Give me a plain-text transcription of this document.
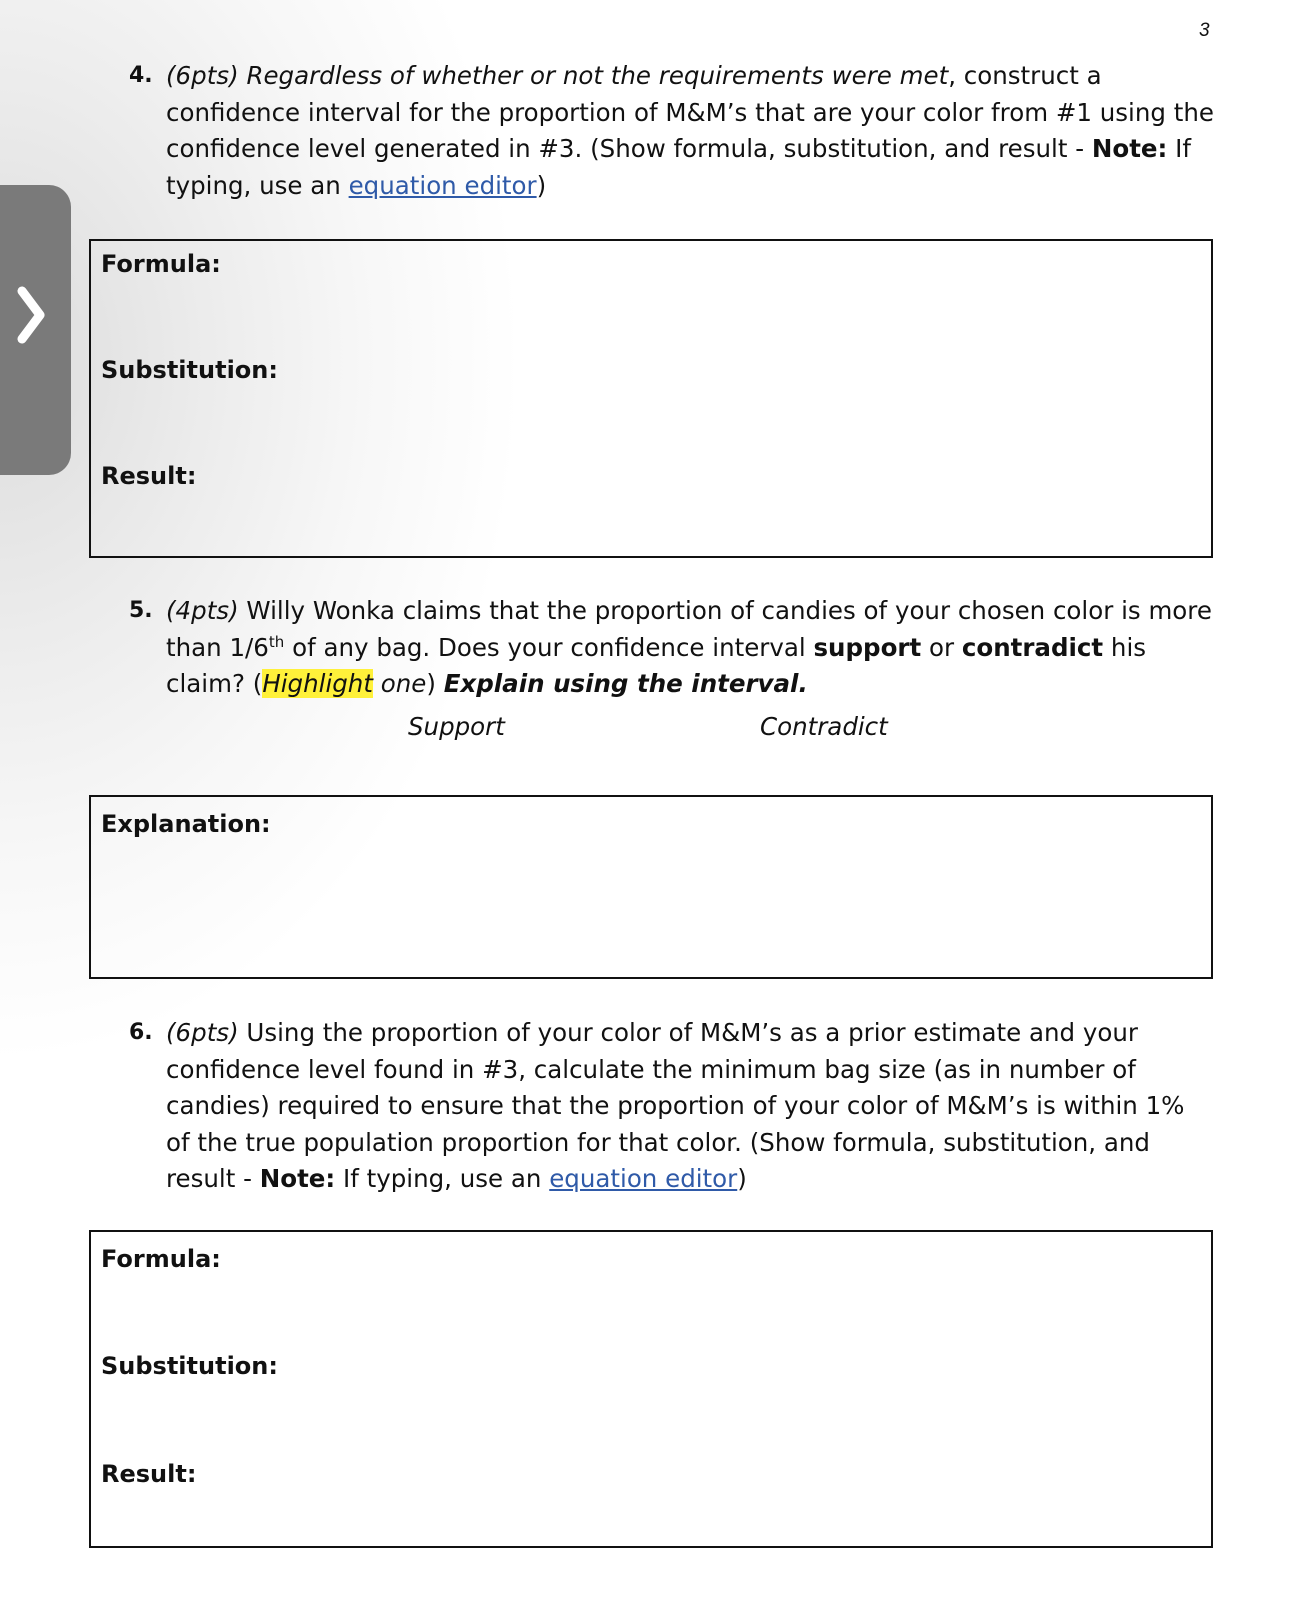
3
4. (6pts) Regardless of whether or not the requirements were met, construct a confidence interval for the proportion of M&M’s that are your color from #1 using the confidence level generated in #3. (Show formula, substitution, and result - Note: If typing, use an equation editor)
Formula:
Substitution:
Result:
5. (4pts) Willy Wonka claims that the proportion of candies of your chosen color is more than 1/6th of any bag. Does your confidence interval support or contradict his claim? (Highlight one) Explain using the interval.
Support	Contradict
Explanation:
6. (6pts) Using the proportion of your color of M&M’s as a prior estimate and your confidence level found in #3, calculate the minimum bag size (as in number of candies) required to ensure that the proportion of your color of M&M’s is within 1% of the true population proportion for that color. (Show formula, substitution, and result - Note: If typing, use an equation editor)
Formula:
Substitution:
Result:
